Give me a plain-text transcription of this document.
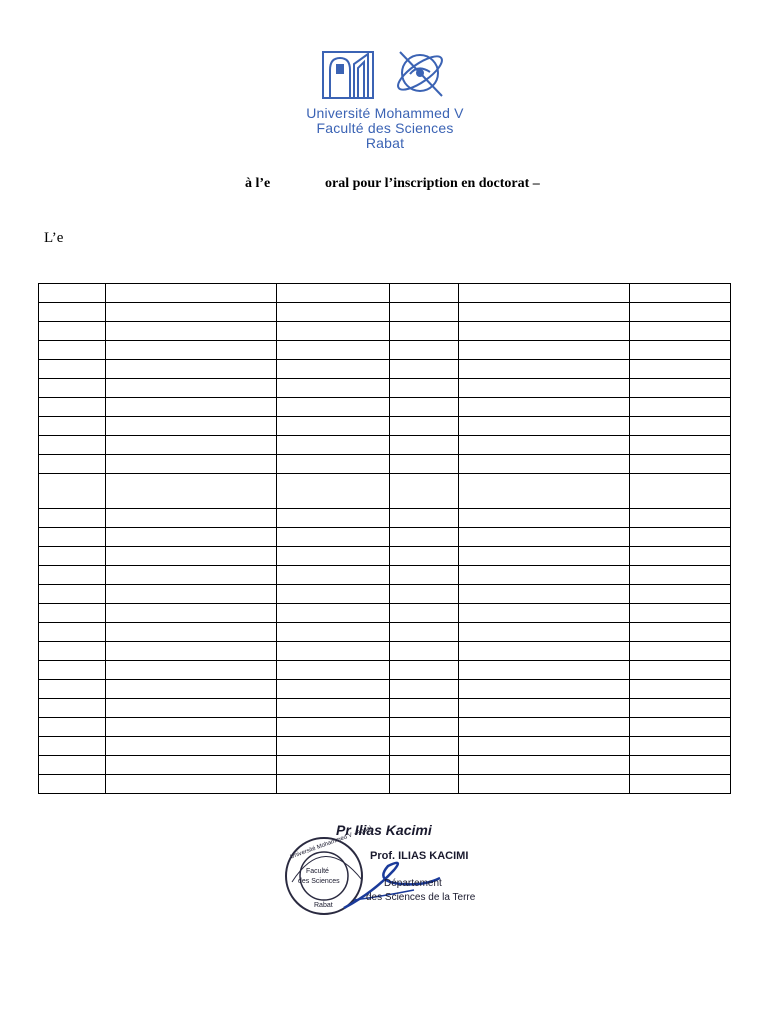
Université Mohammed V
Faculté des Sciences
Rabat
à l’e	oral pour l’inscription en doctorat –
L’e

Pr Ilias Kacimi
Prof. ILIAS KACIMI
Département
des Sciences de la Terre
Faculté
des Sciences
Rabat
Université Mohammed V - Agdal
